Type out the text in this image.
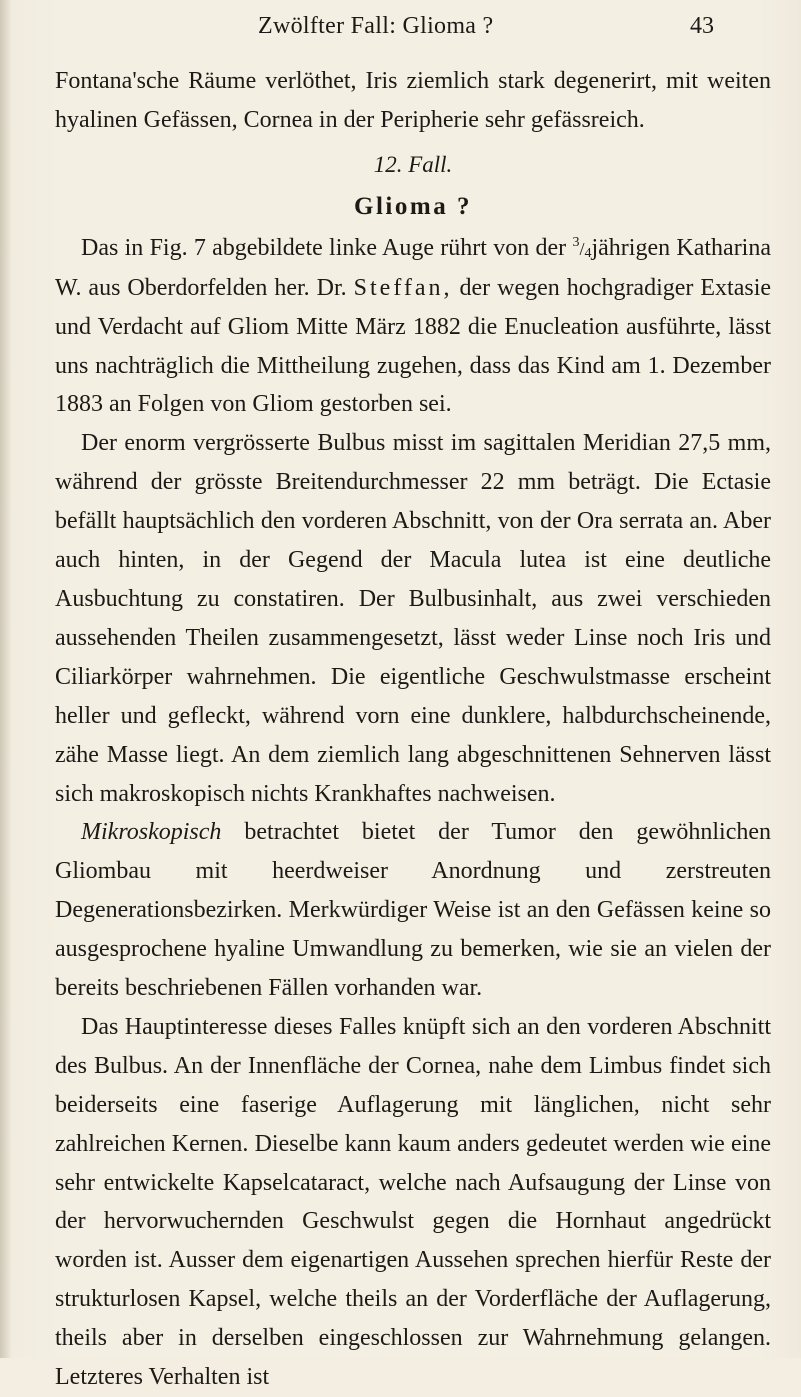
Zwölfter Fall: Glioma ?	43

Fontana'sche Räume verlöthet, Iris ziemlich stark degenerirt, mit weiten hyalinen Gefässen, Cornea in der Peripherie sehr gefässreich.

12. Fall.
Glioma ?

Das in Fig. 7 abgebildete linke Auge rührt von der $^3/_4jährigen$ Katharina W. aus Oberdorfelden her. Dr. Steffan, der wegen hochgradiger Extasie und Verdacht auf Gliom Mitte März 1882 die Enucleation ausführte, lässt uns nachträglich die Mittheilung zugehen, dass das Kind am 1. Dezember 1883 an Folgen von Gliom gestorben sei.

Der enorm vergrösserte Bulbus misst im sagittalen Meridian 27,5 mm, während der grösste Breitendurchmesser 22 mm beträgt. Die Ectasie befällt hauptsächlich den vorderen Abschnitt, von der Ora serrata an. Aber auch hinten, in der Gegend der Macula lutea ist eine deutliche Ausbuchtung zu constatiren. Der Bulbusinhalt, aus zwei verschieden aussehenden Theilen zusammengesetzt, lässt weder Linse noch Iris und Ciliarkörper wahrnehmen. Die eigentliche Geschwulstmasse erscheint heller und gefleckt, während vorn eine dunklere, halbdurchscheinende, zähe Masse liegt. An dem ziemlich lang abgeschnittenen Sehnerven lässt sich makroskopisch nichts Krankhaftes nachweisen.

Mikroskopisch betrachtet bietet der Tumor den gewöhnlichen Gliombau mit heerdweiser Anordnung und zerstreuten Degenerationsbezirken. Merkwürdiger Weise ist an den Gefässen keine so ausgesprochene hyaline Umwandlung zu bemerken, wie sie an vielen der bereits beschriebenen Fällen vorhanden war.

Das Hauptinteresse dieses Falles knüpft sich an den vorderen Abschnitt des Bulbus. An der Innenfläche der Cornea, nahe dem Limbus findet sich beiderseits eine faserige Auflagerung mit länglichen, nicht sehr zahlreichen Kernen. Dieselbe kann kaum anders gedeutet werden wie eine sehr entwickelte Kapselcataract, welche nach Aufsaugung der Linse von der hervorwuchernden Geschwulst gegen die Hornhaut angedrückt worden ist. Ausser dem eigenartigen Aussehen sprechen hierfür Reste der strukturlosen Kapsel, welche theils an der Vorderfläche der Auflagerung, theils aber in derselben eingeschlossen zur Wahrnehmung gelangen. Letzteres Verhalten ist
